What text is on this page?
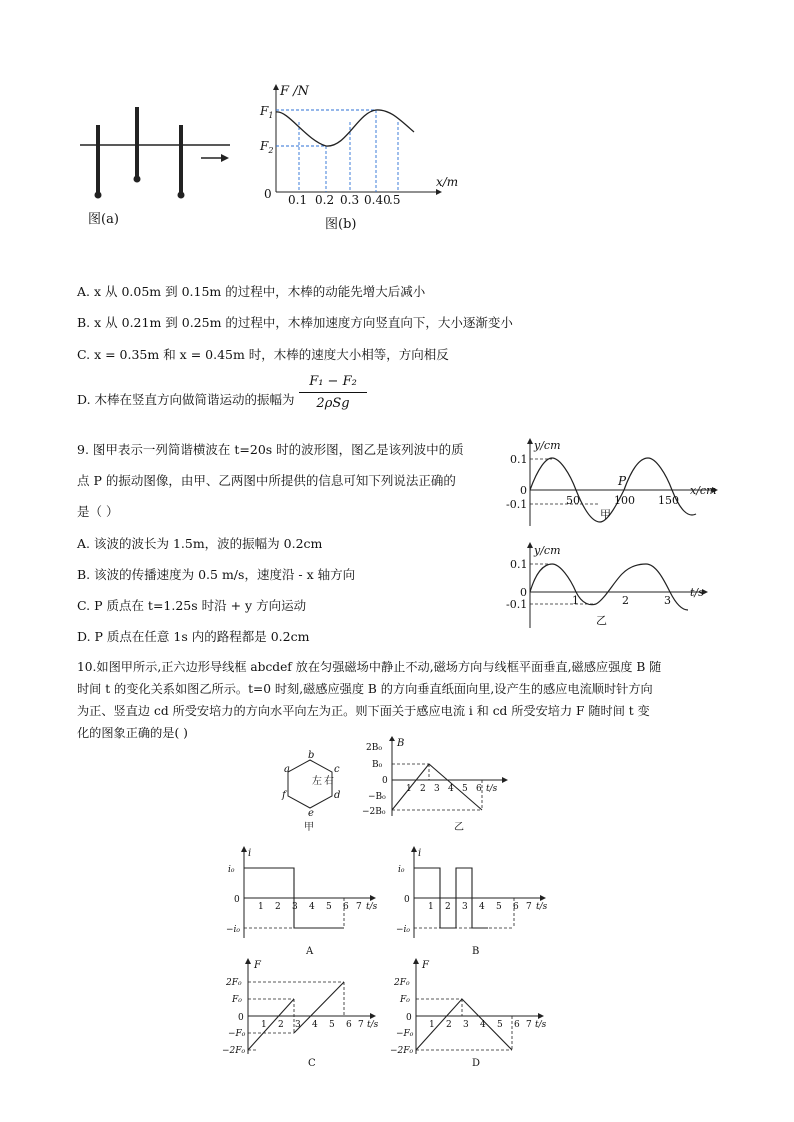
图(a)
F /N
$F_1$
$F_2$
0
x/m
0.1 0.2 0.3 0.40
.5
图(b)
A. x 从 0.05m 到 0.15m 的过程中，木棒的动能先增大后减小
B. x 从 0.21m 到 0.25m 的过程中，木棒加速度方向竖直向下，大小逐渐变小
C. x = 0.35m 和 x = 0.45m 时，木棒的速度大小相等，方向相反
D. 木棒在竖直方向做简谐运动的振幅为
F₁ − F₂
2ρSg
9. 图甲表示一列简谐横波在 t=20s 时的波形图，图乙是该列波中的质
点 P 的振动图像，由甲、乙两图中所提供的信息可知下列说法正确的
是（ ）
A. 该波的波长为 1.5m，波的振幅为 0.2cm
B. 该波的传播速度为 0.5 m/s，速度沿 - x 轴方向
C. P 质点在 t=1.25s 时沿 + y 方向运动
D. P 质点在任意 1s 内的路程都是 0.2cm
y/cm
0.1
0
-0.1	50	100 150
P
x/cm
甲
y/cm
0.1
0
-0.1	1	2	3
t/s
乙
10.如图甲所示,正六边形导线框 abcdef 放在匀强磁场中静止不动,磁场方向与线框平面垂直,磁感应强度 B 随
时间 t 的变化关系如图乙所示。t=0 时刻,磁感应强度 B 的方向垂直纸面向里,设产生的感应电流顺时针方向
为正、竖直边 cd 所受安培力的方向水平向左为正。则下面关于感应电流 i 和 cd 所受安培力 F 随时间 t 变
化的图象正确的是( )
a
b
c
d
e
f
左 右
甲
B
2B₀
B₀
0
−B₀
−2B₀
1 2 3 4 5 6 t/s
乙
i
i₀
0
−i₀
1 2 3 4 5 6 7 t/s
A
i
i₀
0
−i₀
1 2 3 4 5 6 7 t/s
B
F
2F₀
F₀
0
−F₀
−2F₀
1 2 3 4 5 6 7 t/s
C
F
2F₀
F₀
0
−F₀
−2F₀
1 2 3 4 5 6 7 t/s
D
